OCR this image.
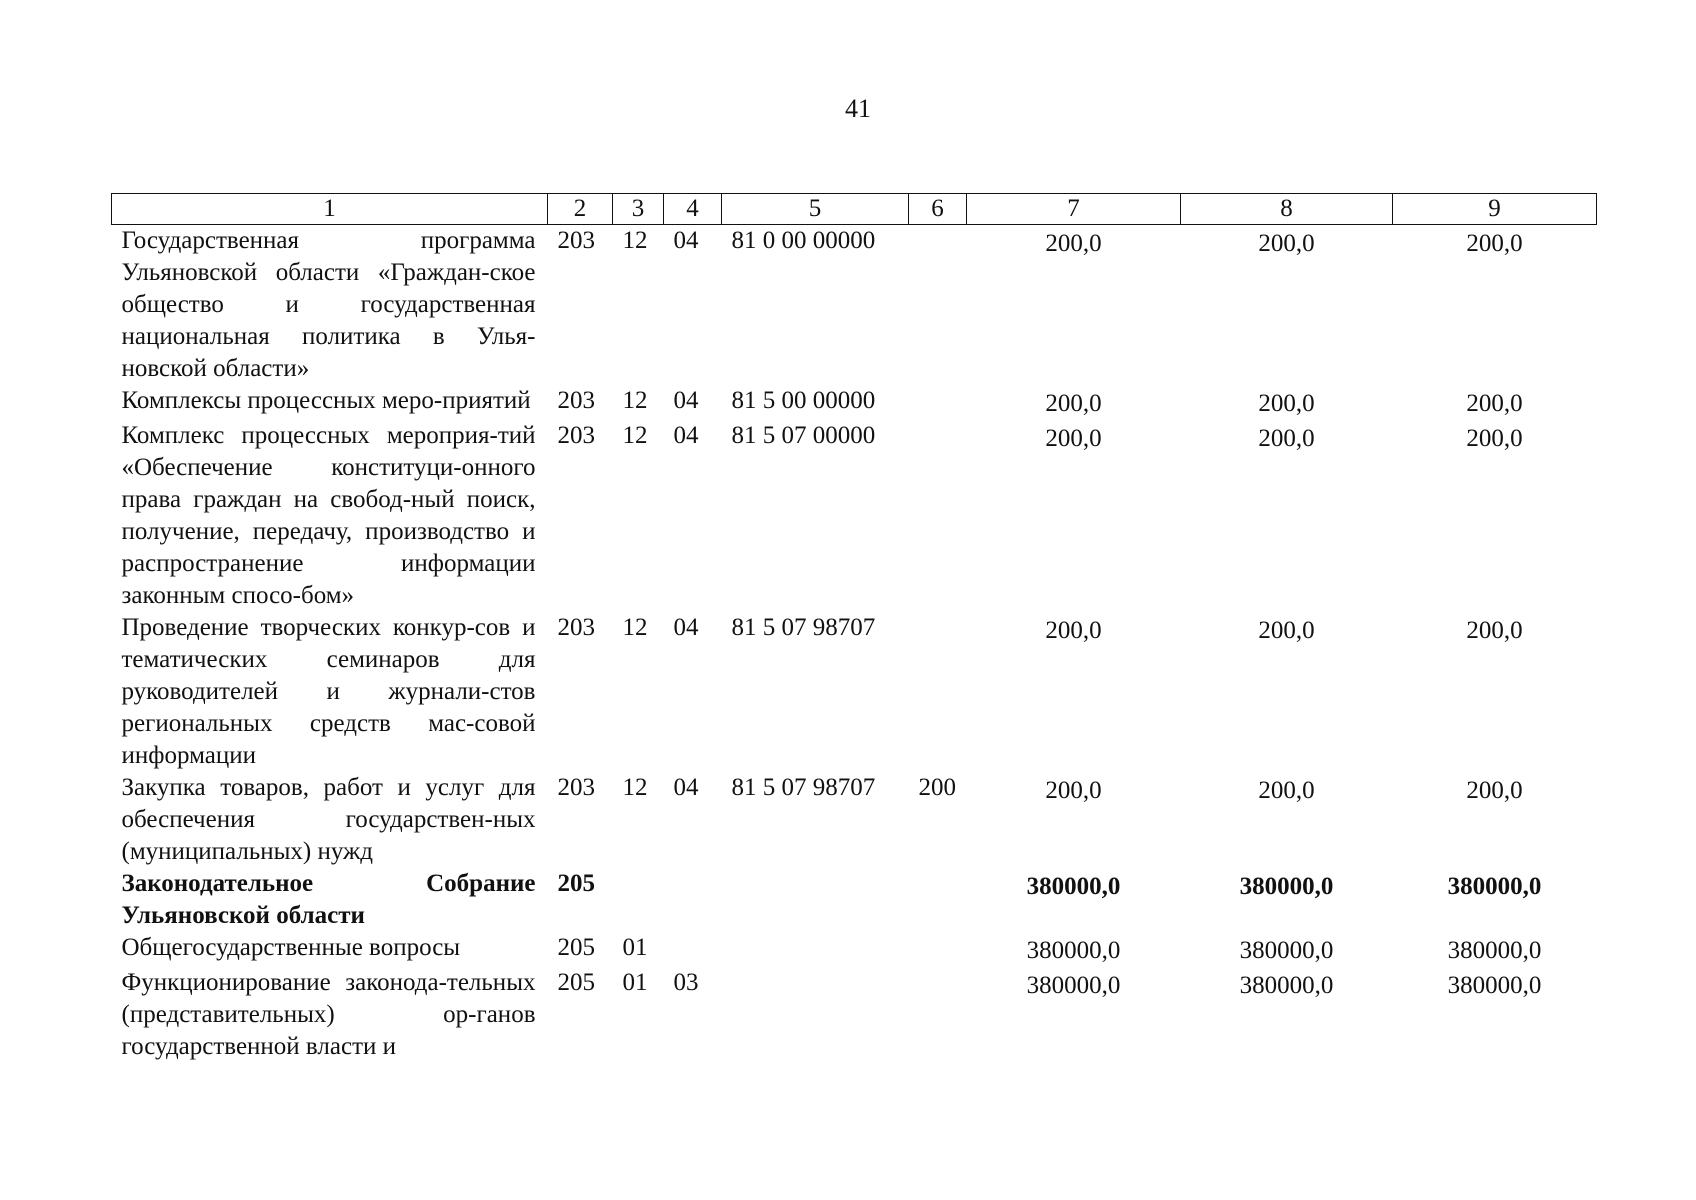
41
1	2	3	4	5	6	7	8	9
Государственная программа Ульяновской области «Граждан-ское общество и государственная национальная политика в Улья-новской области»	203	12	04	81 0 00 00000		200,0	200,0	200,0
Комплексы процессных меро-приятий	203	12	04	81 5 00 00000		200,0	200,0	200,0
Комплекс процессных мероприя-тий «Обеспечение конституци-онного права граждан на свобод-ный поиск, получение, передачу, производство и распространение информации законным спосо-бом»	203	12	04	81 5 07 00000		200,0	200,0	200,0
Проведение творческих конкур-сов и тематических семинаров для руководителей и журнали-стов региональных средств мас-совой информации	203	12	04	81 5 07 98707		200,0	200,0	200,0
Закупка товаров, работ и услуг для обеспечения государствен-ных (муниципальных) нужд	203	12	04	81 5 07 98707	200	200,0	200,0	200,0
Законодательное Собрание Ульяновской области	205					380000,0	380000,0	380000,0
Общегосударственные вопросы	205	01				380000,0	380000,0	380000,0
Функционирование законода-тельных (представительных) ор-ганов государственной власти и	205	01	03			380000,0	380000,0	380000,0
